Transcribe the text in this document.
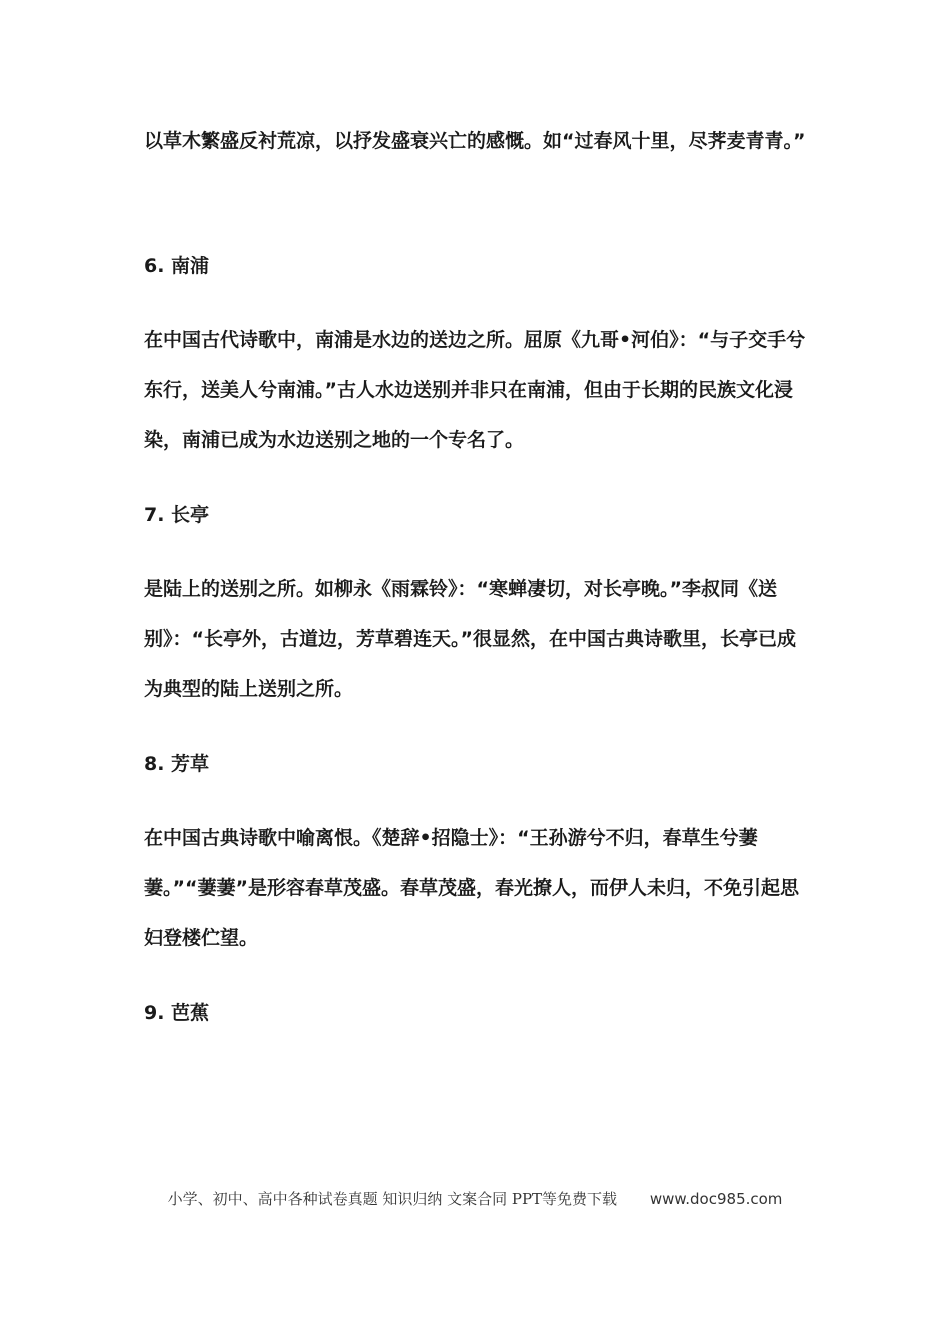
以草木繁盛反衬荒凉，以抒发盛衰兴亡的感慨。如“过春风十里，尽荠麦青青。”

6. 南浦

在中国古代诗歌中，南浦是水边的送边之所。屈原《九哥•河伯》：“与子交手兮东行，送美人兮南浦。”古人水边送别并非只在南浦，但由于长期的民族文化浸染，南浦已成为水边送别之地的一个专名了。

7. 长亭

是陆上的送别之所。如柳永《雨霖铃》：“寒蝉凄切，对长亭晚。”李叔同《送别》：“长亭外，古道边，芳草碧连天。”很显然，在中国古典诗歌里，长亭已成为典型的陆上送别之所。

8. 芳草

在中国古典诗歌中喻离恨。《楚辞•招隐士》：“王孙游兮不归，春草生兮萋萋。”“萋萋”是形容春草茂盛。春草茂盛，春光撩人，而伊人未归，不免引起思妇登楼伫望。

9. 芭蕉
小学、初中、高中各种试卷真题 知识归纳 文案合同 PPT等免费下载 www.doc985.com
